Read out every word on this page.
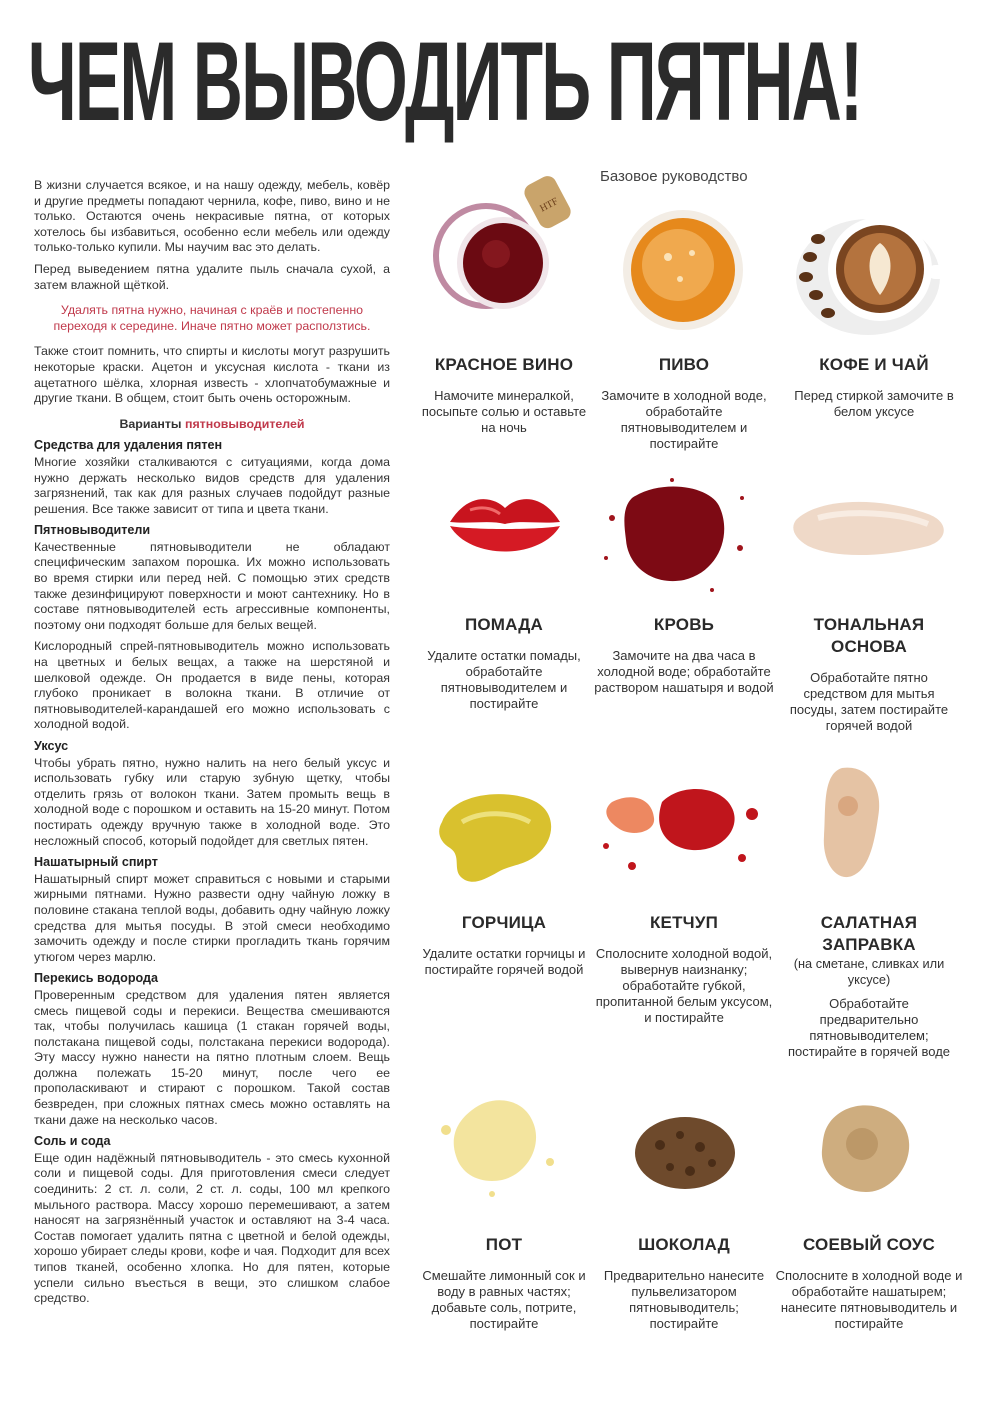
ЧЕМ ВЫВОДИТЬ ПЯТНА!

В жизни случается всякое, и на нашу одежду, мебель, ковёр и другие предметы попадают чернила, кофе, пиво, вино и не только. Остаются очень некрасивые пятна, от которых хотелось бы избавиться, особенно если мебель или одежду только-только купили. Мы научим вас это делать.

Перед выведением пятна удалите пыль сначала сухой, а затем влажной щёткой.

Удалять пятна нужно, начиная с краёв и постепенно переходя к середине. Иначе пятно может расползтись.

Также стоит помнить, что спирты и кислоты могут разрушить некоторые краски. Ацетон и уксусная кислота - ткани из ацетатного шёлка, хлорная известь - хлопчатобумажные и другие ткани. В общем, стоит быть очень осторожным.

Варианты пятновыводителей
Средства для удаления пятен

Многие хозяйки сталкиваются с ситуациями, когда дома нужно держать несколько видов средств для удаления загрязнений, так как для разных случаев подойдут разные решения. Все также зависит от типа и цвета ткани.

Пятновыводители

Качественные пятновыводители не обладают специфическим запахом порошка. Их можно использовать во время стирки или перед ней. С помощью этих средств также дезинфицируют поверхности и моют сантехнику. Но в составе пятновыводителей есть агрессивные компоненты, поэтому они подходят больше для белых вещей.

Кислородный спрей-пятновыводитель можно использовать на цветных и белых вещах, а также на шерстяной и шелковой одежде. Он продается в виде пены, которая глубоко проникает в волокна ткани. В отличие от пятновыводителей-карандашей его можно использовать с холодной водой.

Уксус

Чтобы убрать пятно, нужно налить на него белый уксус и использовать губку или старую зубную щетку, чтобы отделить грязь от волокон ткани. Затем промыть вещь в холодной воде с порошком и оставить на 15-20 минут. Потом постирать одежду вручную также в холодной воде. Это несложный способ, который подойдет для светлых пятен.

Нашатырный спирт

Нашатырный спирт может справиться с новыми и старыми жирными пятнами. Нужно развести одну чайную ложку в половине стакана теплой воды, добавить одну чайную ложку средства для мытья посуды. В этой смеси необходимо замочить одежду и после стирки прогладить ткань горячим утюгом через марлю.

Перекись водорода

Проверенным средством для удаления пятен является смесь пищевой соды и перекиси. Вещества смешиваются так, чтобы получилась кашица (1 стакан горячей воды, полстакана пищевой соды, полстакана перекиси водорода). Эту массу нужно нанести на пятно плотным слоем. Вещь должна полежать 15-20 минут, после чего ее прополаскивают и стирают с порошком. Такой состав безвреден, при сложных пятнах смесь можно оставлять на ткани даже на несколько часов.

Соль и сода

Еще один надёжный пятновыводитель - это смесь кухонной соли и пищевой соды. Для приготовления смеси следует соединить: 2 ст. л. соли, 2 ст. л. соды, 100 мл крепкого мыльного раствора. Массу хорошо перемешивают, а затем наносят на загрязнённый участок и оставляют на 3-4 часа. Состав помогает удалить пятна с цветной и белой одежды, хорошо убирает следы крови, кофе и чая. Подходит для всех типов тканей, особенно хлопка. Но для пятен, которые успели сильно въесться в вещи, это слишком слабое средство.

Базовое руководство
HTF
КРАСНОЕ ВИНО
Намочите минералкой, посыпьте солью и оставьте на ночь
ПИВО
Замочите в холодной воде, обработайте пятновыводителем и постирайте
КОФЕ И ЧАЙ
Перед стиркой замочите в белом уксусе
ПОМАДА
Удалите остатки помады, обработайте пятновыводителем и постирайте
КРОВЬ
Замочите на два часа в холодной воде; обработайте раствором нашатыря и водой
ТОНАЛЬНАЯ ОСНОВА
Обработайте пятно средством для мытья посуды, затем постирайте горячей водой
ГОРЧИЦА
Удалите остатки горчицы и постирайте горячей водой
КЕТЧУП
Сполосните холодной водой, вывернув наизнанку; обработайте губкой, пропитанной белым уксусом, и постирайте
САЛАТНАЯ ЗАПРАВКА
(на сметане, сливках или уксусе)
Обработайте предварительно пятновыводителем; постирайте в горячей воде
ПОТ
Смешайте лимонный сок и воду в равных частях; добавьте соль, потрите, постирайте
ШОКОЛАД
Предварительно нанесите пульвелизатором пятновыводитель; постирайте
СОЕВЫЙ СОУС
Сполосните в холодной воде и обработайте нашатырем; нанесите пятновыводитель и постирайте
